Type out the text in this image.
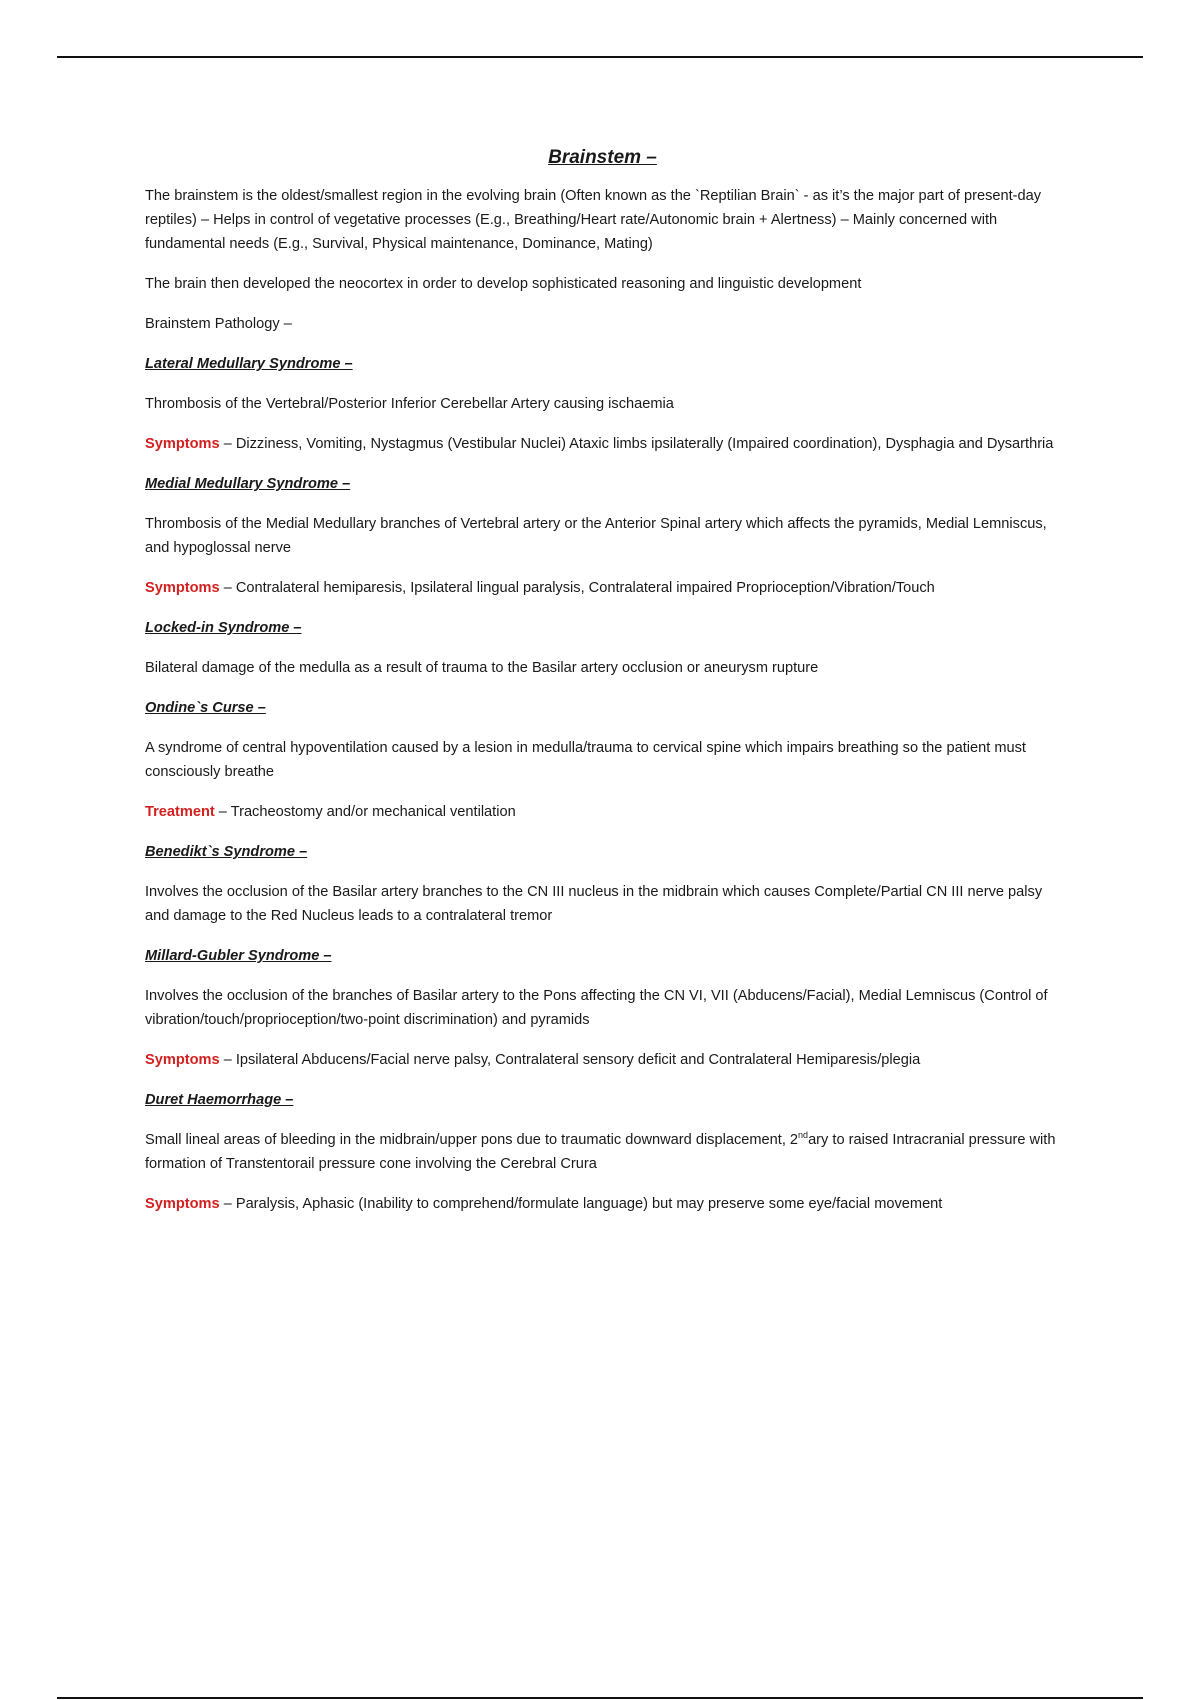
Brainstem –

The brainstem is the oldest/smallest region in the evolving brain (Often known as the `Reptilian Brain` - as it’s the major part of present-day reptiles) – Helps in control of vegetative processes (E.g., Breathing/Heart rate/Autonomic brain + Alertness) – Mainly concerned with fundamental needs (E.g., Survival, Physical maintenance, Dominance, Mating)

The brain then developed the neocortex in order to develop sophisticated reasoning and linguistic development

Brainstem Pathology –

Lateral Medullary Syndrome –

Thrombosis of the Vertebral/Posterior Inferior Cerebellar Artery causing ischaemia

Symptoms – Dizziness, Vomiting, Nystagmus (Vestibular Nuclei) Ataxic limbs ipsilaterally (Impaired coordination), Dysphagia and Dysarthria

Medial Medullary Syndrome –

Thrombosis of the Medial Medullary branches of Vertebral artery or the Anterior Spinal artery which affects the pyramids, Medial Lemniscus, and hypoglossal nerve

Symptoms – Contralateral hemiparesis, Ipsilateral lingual paralysis, Contralateral impaired Proprioception/Vibration/Touch

Locked-in Syndrome –

Bilateral damage of the medulla as a result of trauma to the Basilar artery occlusion or aneurysm rupture

Ondine`s Curse –

A syndrome of central hypoventilation caused by a lesion in medulla/trauma to cervical spine which impairs breathing so the patient must consciously breathe

Treatment – Tracheostomy and/or mechanical ventilation

Benedikt`s Syndrome –

Involves the occlusion of the Basilar artery branches to the CN III nucleus in the midbrain which causes Complete/Partial CN III nerve palsy and damage to the Red Nucleus leads to a contralateral tremor

Millard-Gubler Syndrome –

Involves the occlusion of the branches of Basilar artery to the Pons affecting the CN VI, VII (Abducens/Facial), Medial Lemniscus (Control of vibration/touch/proprioception/two-point discrimination) and pyramids

Symptoms – Ipsilateral Abducens/Facial nerve palsy, Contralateral sensory deficit and Contralateral Hemiparesis/plegia

Duret Haemorrhage –

Small lineal areas of bleeding in the midbrain/upper pons due to traumatic downward displacement, 2ndary to raised Intracranial pressure with formation of Transtentorail pressure cone involving the Cerebral Crura

Symptoms – Paralysis, Aphasic (Inability to comprehend/formulate language) but may preserve some eye/facial movement
